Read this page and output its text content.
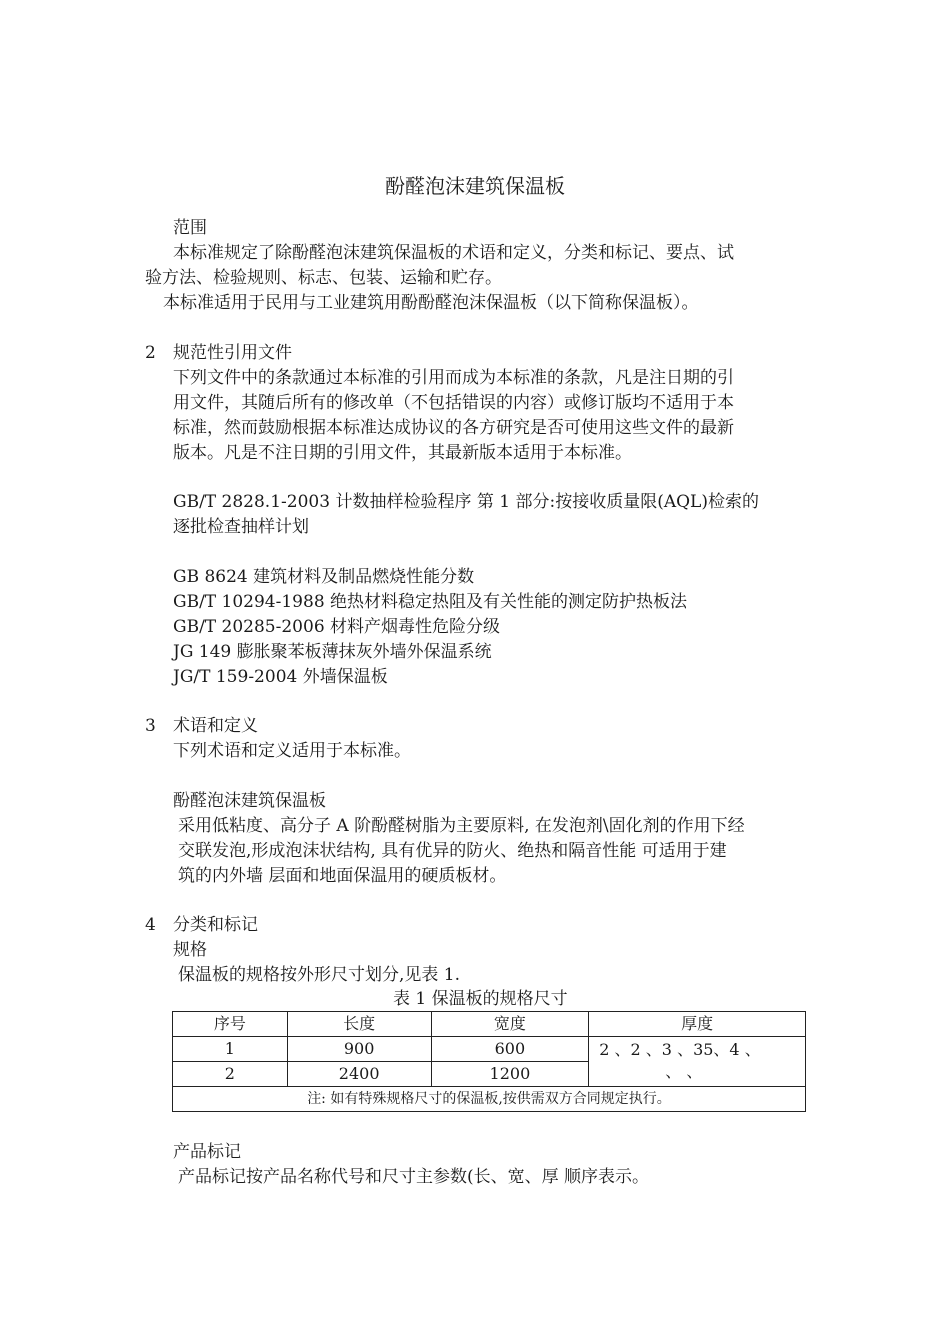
酚醛泡沫建筑保温板
范围
本标准规定了除酚醛泡沫建筑保温板的术语和定义，分类和标记、要点、试
验方法、检验规则、标志、包装、运输和贮存。
本标准适用于民用与工业建筑用酚酚醛泡沫保温板（以下简称保温板）。
2 规范性引用文件
下列文件中的条款通过本标准的引用而成为本标准的条款，凡是注日期的引
用文件，其随后所有的修改单（不包括错误的内容）或修订版均不适用于本
标准，然而鼓励根据本标准达成协议的各方研究是否可使用这些文件的最新
版本。凡是不注日期的引用文件，其最新版本适用于本标准。
GB/T 2828.1-2003 计数抽样检验程序 第 1 部分:按接收质量限(AQL)检索的
逐批检查抽样计划
GB 8624 建筑材料及制品燃烧性能分数
GB/T 10294-1988 绝热材料稳定热阻及有关性能的测定防护热板法
GB/T 20285-2006 材料产烟毒性危险分级
JG 149 膨胀聚苯板薄抹灰外墙外保温系统
JG/T 159-2004 外墙保温板
3 术语和定义
下列术语和定义适用于本标准。
酚醛泡沫建筑保温板
采用低粘度、高分子 A 阶酚醛树脂为主要原料, 在发泡剂\固化剂的作用下经
交联发泡,形成泡沫状结构, 具有优异的防火、绝热和隔音性能 可适用于建
筑的内外墙 层面和地面保温用的硬质板材。
4 分类和标记
规格
保温板的规格按外形尺寸划分,见表 1.
表 1 保温板的规格尺寸
序号	长度	宽度	厚度
1	900	600	2 、2 、3 、35、4 、
、 、

2	2400	1200	
注: 如有特殊规格尺寸的保温板,按供需双方合同规定执行。			
产品标记
产品标记按产品名称代号和尺寸主参数(长、宽、厚 顺序表示。
